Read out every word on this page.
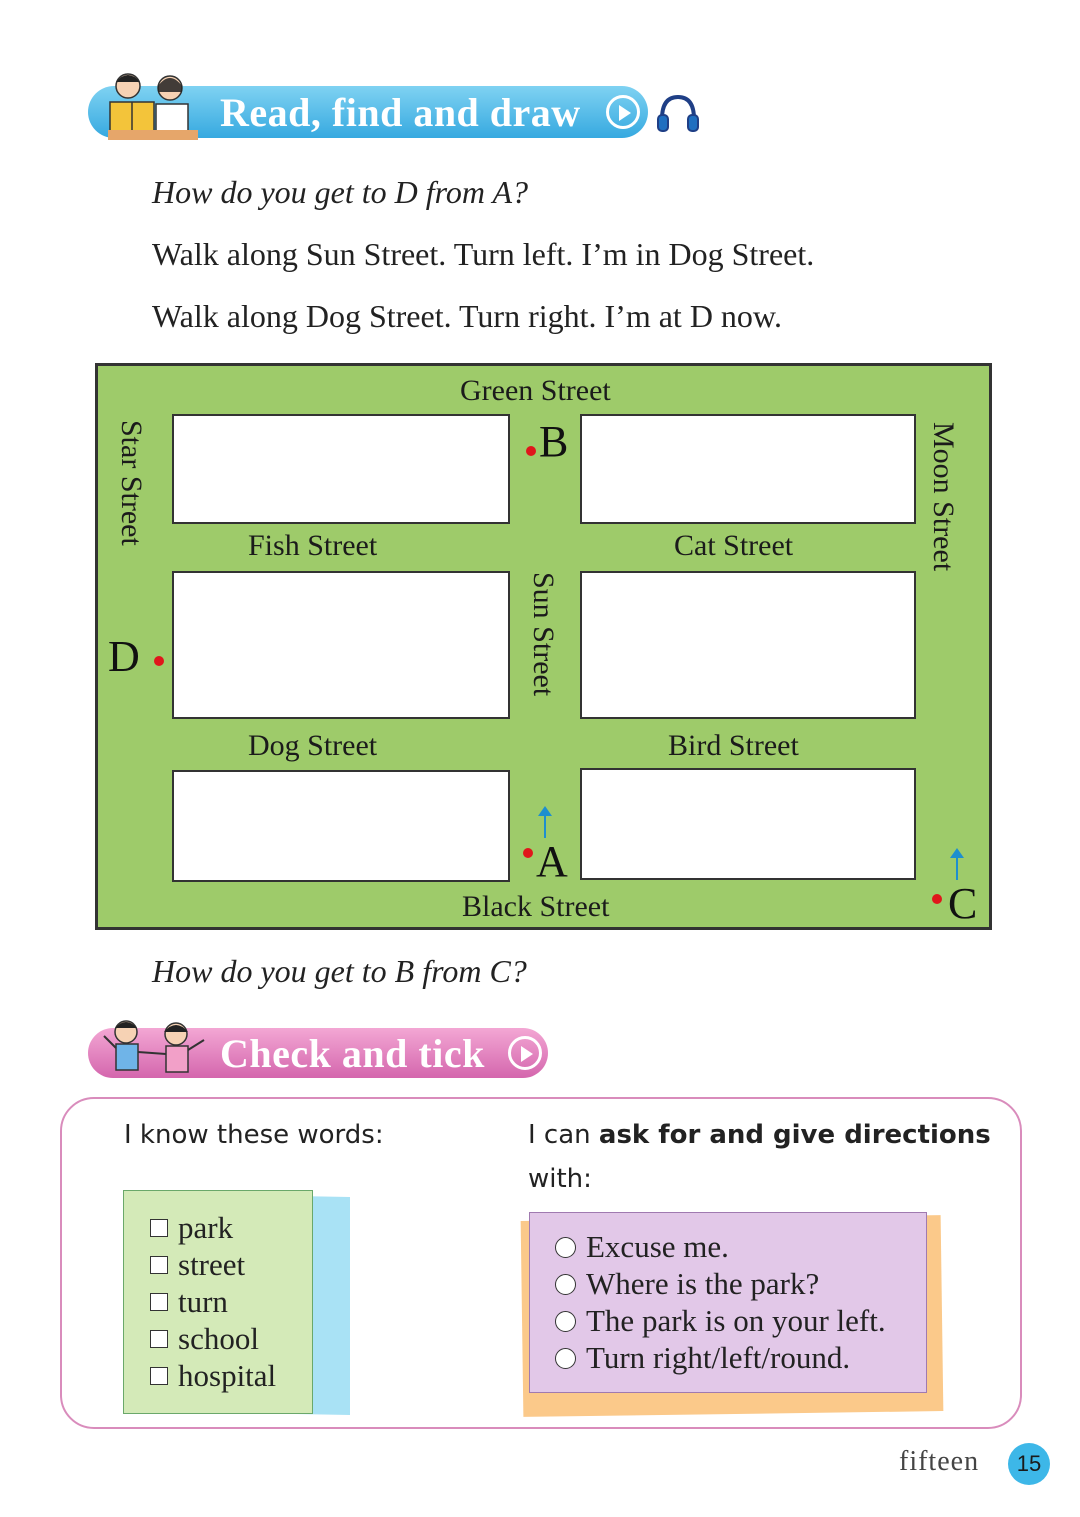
Read, find and draw
How do you get to D from A?
Walk along Sun Street. Turn left. I’m in Dog Street.
Walk along Dog Street. Turn right. I’m at D now.
Green Street
Black Street
Fish Street	Cat Street
Dog Street	Bird Street
Star Street
Sun Street
Moon Street
B
D
A
C
How do you get to B from C?
Check and tick
I know these words:	I can ask for and give directions
with:
park
street
turn
school
hospital
Excuse me.
Where is the park?
The park is on your left.
Turn right/left/round.
fifteen	15
